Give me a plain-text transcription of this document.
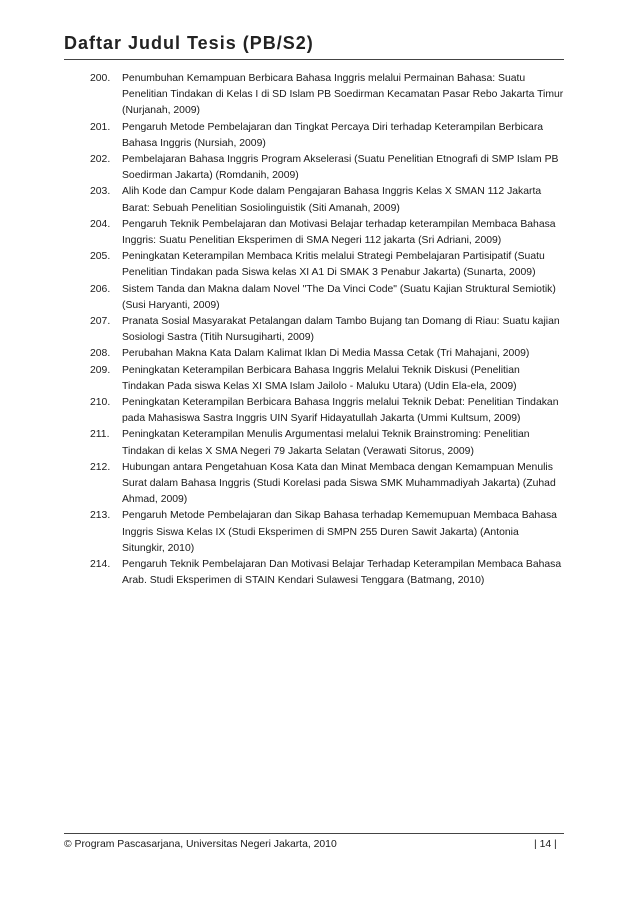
Daftar Judul Tesis (PB/S2)
200.	Penumbuhan Kemampuan Berbicara Bahasa Inggris melalui Permainan Bahasa: Suatu Penelitian Tindakan di Kelas I di SD Islam PB Soedirman Kecamatan Pasar Rebo Jakarta Timur (Nurjanah, 2009)
201.	Pengaruh Metode Pembelajaran dan Tingkat Percaya Diri terhadap Keterampilan Berbicara Bahasa Inggris (Nursiah, 2009)
202.	Pembelajaran Bahasa Inggris Program Akselerasi (Suatu Penelitian Etnografi di SMP Islam PB Soedirman Jakarta) (Romdanih, 2009)
203.	Alih Kode dan Campur Kode dalam Pengajaran Bahasa Inggris Kelas X SMAN 112 Jakarta Barat: Sebuah Penelitian Sosiolinguistik (Siti Amanah, 2009)
204.	Pengaruh Teknik Pembelajaran dan Motivasi Belajar terhadap keterampilan Membaca Bahasa Inggris: Suatu Penelitian Eksperimen di SMA Negeri 112 jakarta (Sri Adriani, 2009)
205.	Peningkatan Keterampilan Membaca Kritis melalui Strategi Pembelajaran Partisipatif (Suatu Penelitian Tindakan pada Siswa kelas XI A1 Di SMAK 3 Penabur Jakarta) (Sunarta, 2009)
206.	Sistem Tanda dan Makna dalam Novel "The Da Vinci Code" (Suatu Kajian Struktural Semiotik) (Susi Haryanti, 2009)
207.	Pranata Sosial Masyarakat Petalangan dalam Tambo Bujang tan Domang di Riau: Suatu kajian Sosiologi Sastra (Titih Nursugiharti, 2009)
208.	Perubahan Makna Kata Dalam Kalimat Iklan Di Media Massa Cetak (Tri Mahajani, 2009)
209.	Peningkatan Keterampilan Berbicara Bahasa Inggris Melalui Teknik Diskusi (Penelitian Tindakan Pada siswa Kelas XI SMA Islam Jailolo - Maluku Utara) (Udin Ela-ela, 2009)
210.	Peningkatan Keterampilan Berbicara Bahasa Inggris melalui Teknik Debat: Penelitian Tindakan pada Mahasiswa Sastra Inggris UIN Syarif Hidayatullah Jakarta (Ummi Kultsum, 2009)
211.	Peningkatan Keterampilan Menulis Argumentasi melalui Teknik Brainstroming: Penelitian Tindakan di kelas X SMA Negeri 79 Jakarta Selatan (Verawati Sitorus, 2009)
212.	Hubungan antara Pengetahuan Kosa Kata dan Minat Membaca dengan Kemampuan Menulis Surat dalam Bahasa Inggris (Studi Korelasi pada Siswa SMK Muhammadiyah Jakarta) (Zuhad Ahmad, 2009)
213.	Pengaruh Metode Pembelajaran dan Sikap Bahasa terhadap Kememupuan Membaca Bahasa Inggris Siswa Kelas IX (Studi Eksperimen di SMPN 255 Duren Sawit Jakarta) (Antonia Situngkir, 2010)
214.	Pengaruh Teknik Pembelajaran Dan Motivasi Belajar Terhadap Keterampilan Membaca Bahasa Arab. Studi Eksperimen di STAIN Kendari Sulawesi Tenggara (Batmang, 2010)
© Program Pascasarjana, Universitas Negeri Jakarta, 2010	| 14 |
